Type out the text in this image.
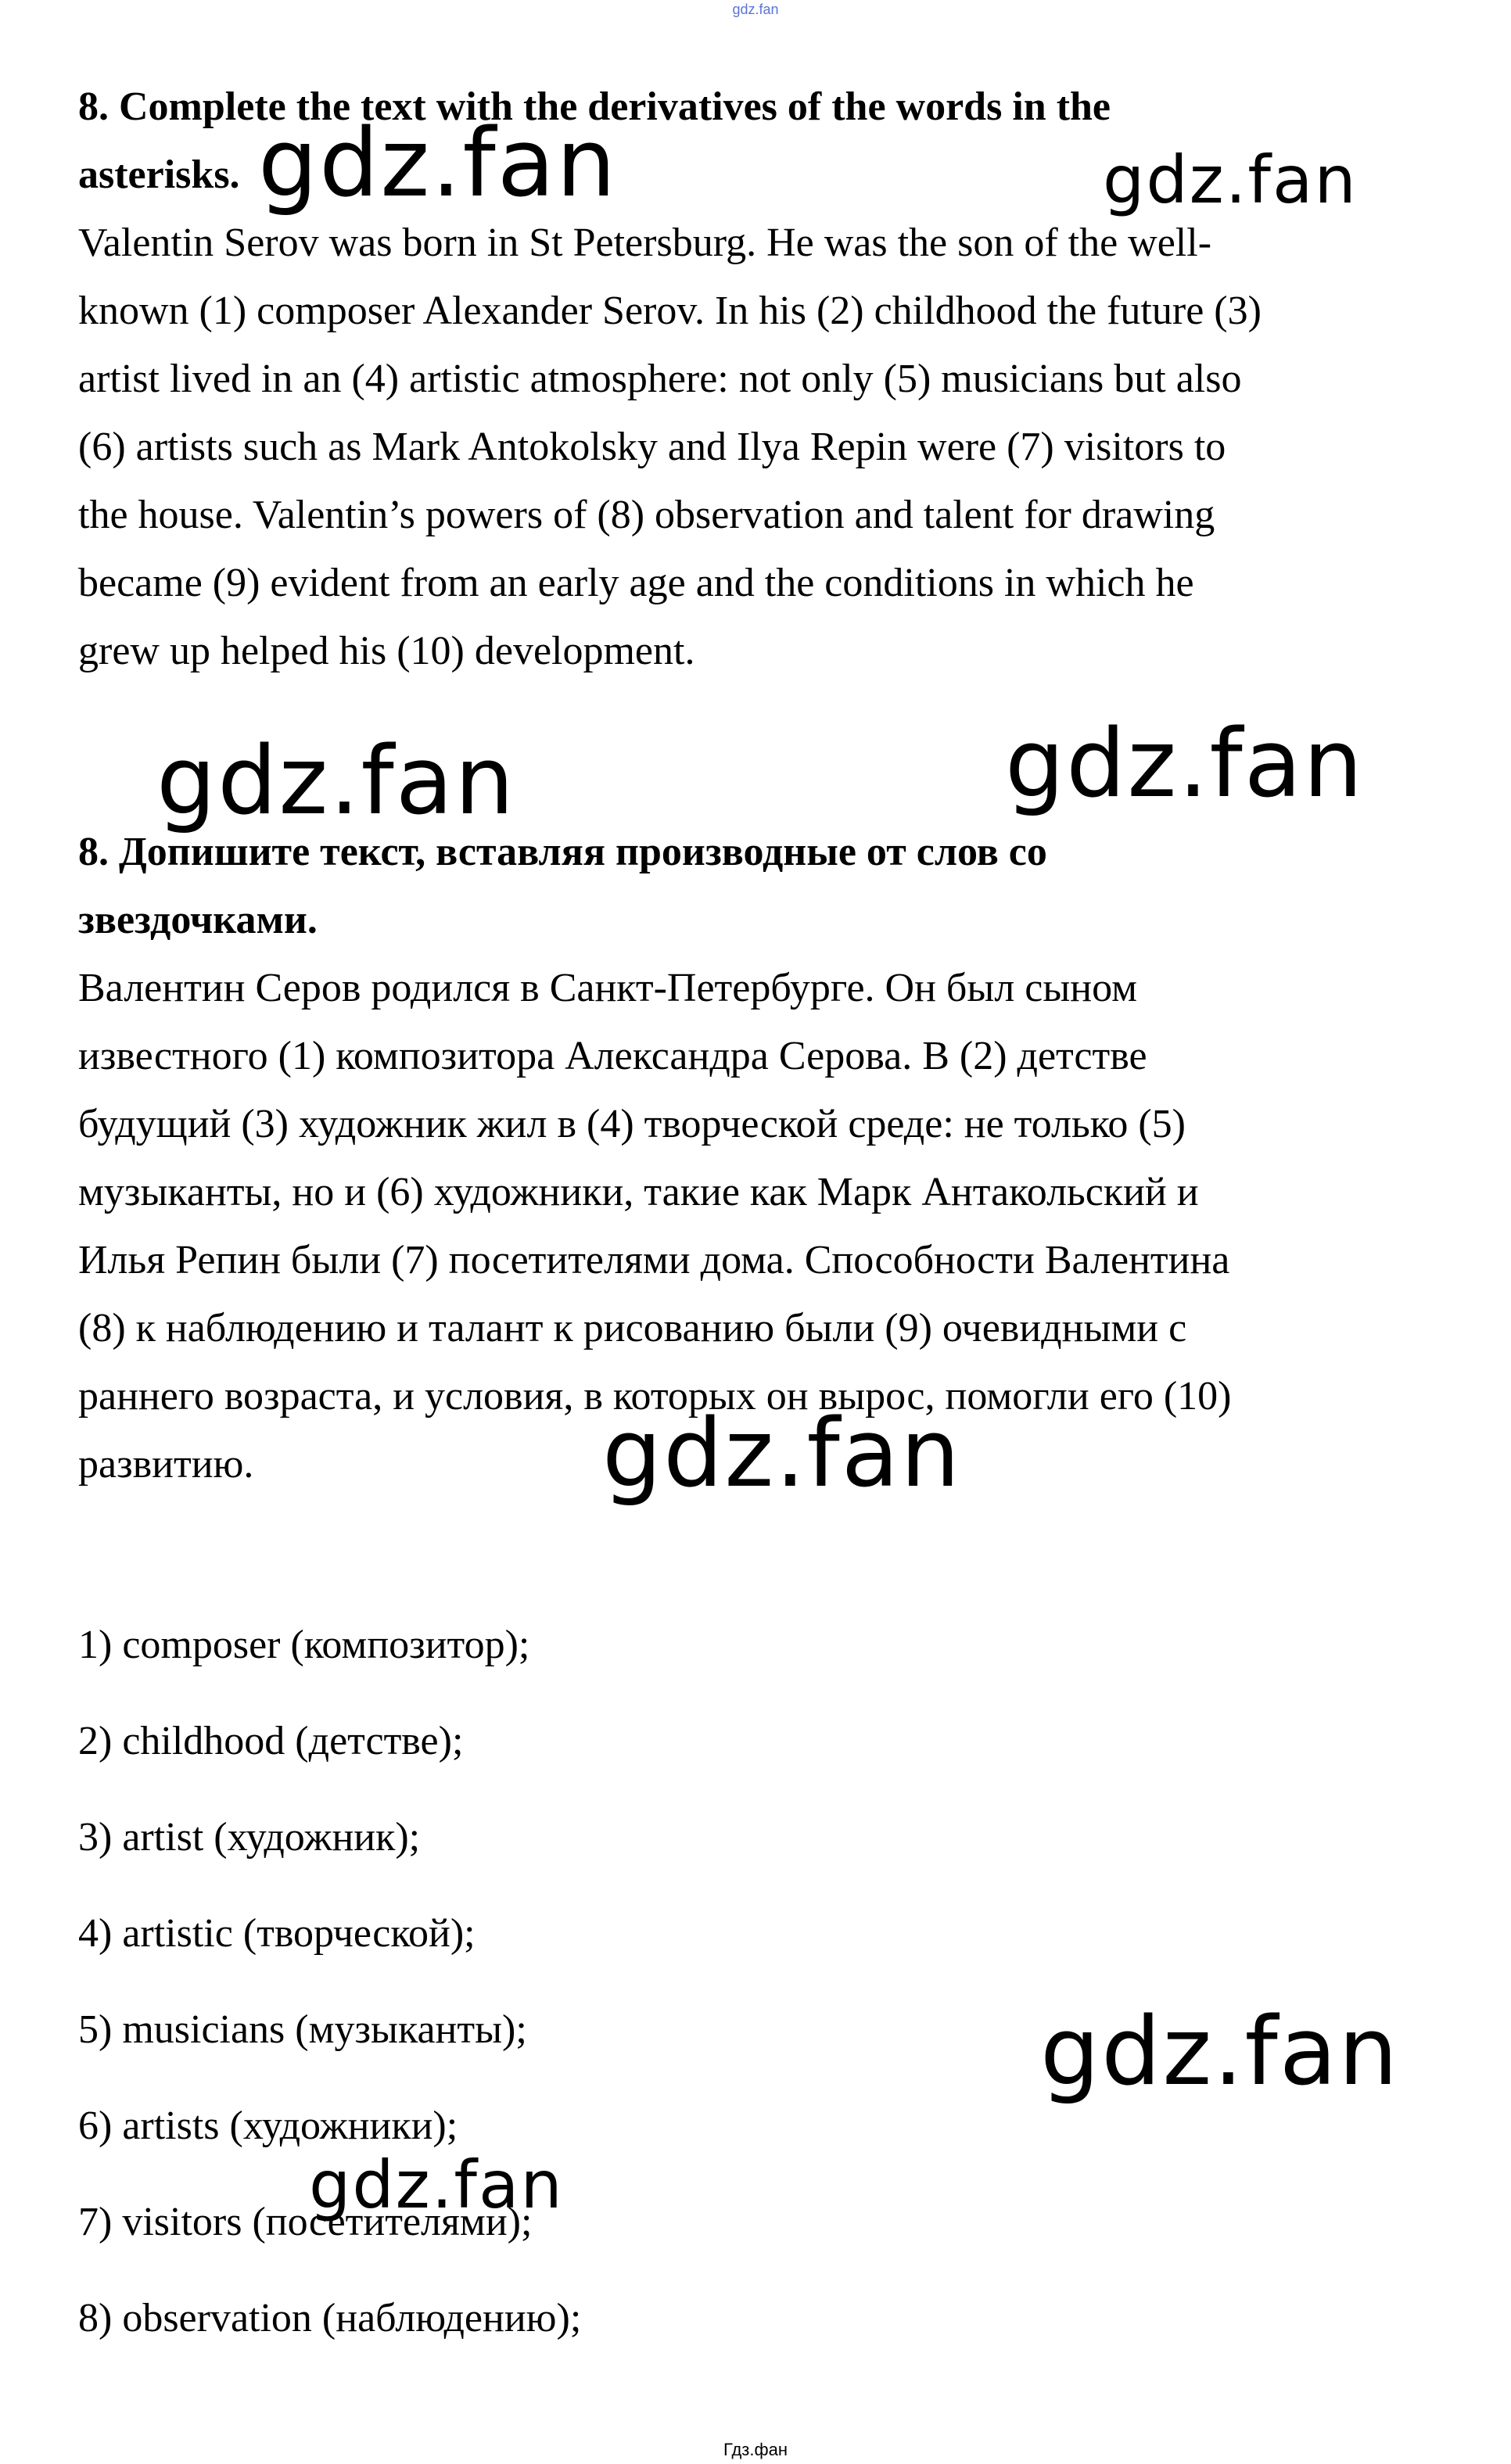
gdz.fan

8. Complete the text with the derivatives of the words in the
asterisks.

Valentin Serov was born in St Petersburg. He was the son of the well-
known (1) composer Alexander Serov. In his (2) childhood the future (3)
artist lived in an (4) artistic atmosphere: not only (5) musicians but also
(6) artists such as Mark Antokolsky and Ilya Repin were (7) visitors to
the house. Valentin’s powers of (8) observation and talent for drawing
became (9) evident from an early age and the conditions in which he
grew up helped his (10) development.

8. Допишите текст, вставляя производные от слов со
звездочками.

Валентин Серов родился в Санкт-Петербурге. Он был сыном
известного (1) композитора Александра Серова. В (2) детстве
будущий (3) художник жил в (4) творческой среде: не только (5)
музыканты, но и (6) художники, такие как Марк Антакольский и
Илья Репин были (7) посетителями дома. Способности Валентина
(8) к наблюдению и талант к рисованию были (9) очевидными с
раннего возраста, и условия, в которых он вырос, помогли его (10)
развитию.

1) composer (композитор);
2) childhood (детстве);
3) artist (художник);
4) artistic (творческой);
5) musicians (музыканты);
6) artists (художники);
7) visitors (посетителями);
8) observation (наблюдению);
gdz.fan	gdz.fan
gdz.fan	gdz.fan
gdz.fan
gdz.fan
gdz.fan
Гдз.фан
